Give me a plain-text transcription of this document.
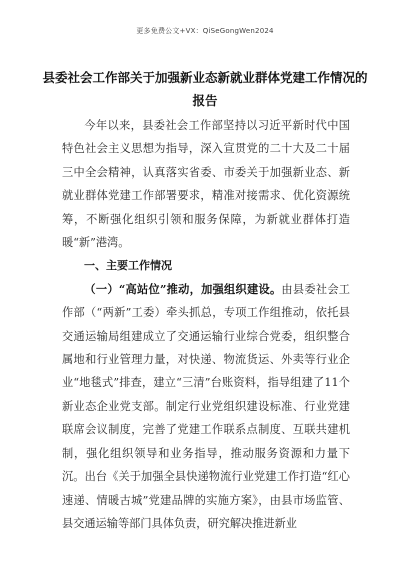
更多免费公文+VX：QiSeGongWen2024
县委社会工作部关于加强新业态新就业群体党建工作情况的报告

今年以来，县委社会工作部坚持以习近平新时代中国特色社会主义思想为指导，深入宣贯党的二十大及二十届三中全会精神，认真落实省委、市委关于加强新业态、新就业群体党建工作部署要求，精准对接需求、优化资源统筹，不断强化组织引领和服务保障，为新就业群体打造暖“新”港湾。

一、主要工作情况

（一）“高站位”推动，加强组织建设。由县委社会工作部（“两新”工委）牵头抓总，专项工作组推动，依托县交通运输局组建成立了交通运输行业综合党委，组织整合属地和行业管理力量，对快递、物流货运、外卖等行业企业“地毯式”排查，建立“三清”台账资料，指导组建了11个新业态企业党支部。制定行业党组织建设标准、行业党建联席会议制度，完善了党建工作联系点制度、互联共建机制，强化组织领导和业务指导，推动服务资源和力量下沉。出台《关于加强全县快递物流行业党建工作打造“红心速递、情暖古城”党建品牌的实施方案》，由县市场监管、县交通运输等部门具体负责，研究解决推进新业
